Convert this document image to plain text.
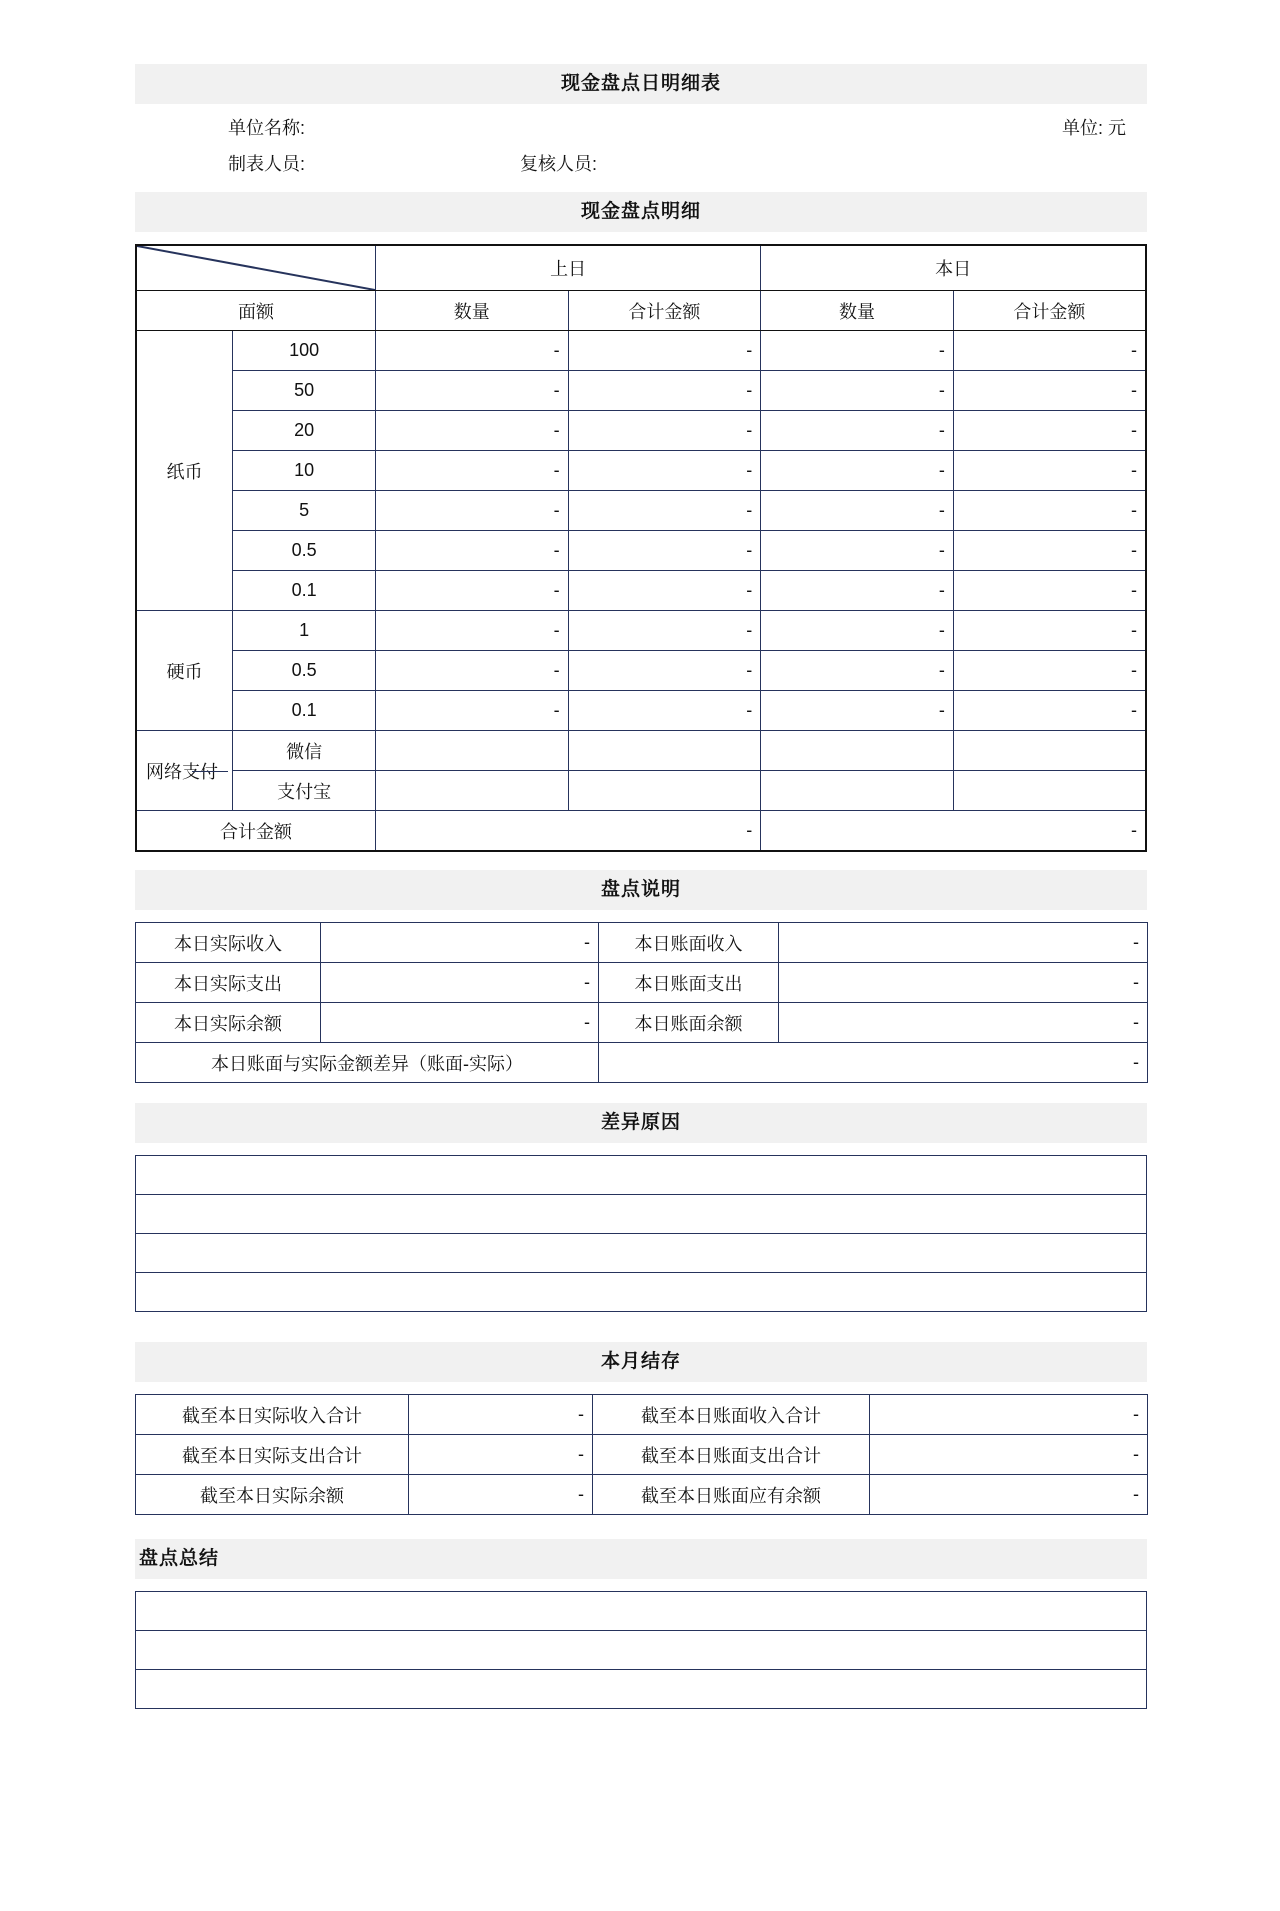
现金盘点日明细表
单位名称:	单位: 元
制表人员:	复核人员:
现金盘点明细
	上日		本日	
面额		数量	合计金额	数量	合计金额
纸币	100	-	-	-	-
	50	-	-	-	-
	20	-	-	-	-
	10	-	-	-	-
	5	-	-	-	-
	0.5	-	-	-	-
	0.1	-	-	-	-
硬币	1	-	-	-	-
	0.5	-	-	-	-
	0.1	-	-	-	-

网络支付	微信				
	支付宝				
合计金额		-		-	
盘点说明
本日实际收入	-	本日账面收入	-
本日实际支出	-	本日账面支出	-
本日实际余额	-	本日账面余额	-
本日账面与实际金额差异（账面-实际）		-	
差异原因

本月结存
截至本日实际收入合计	-	截至本日账面收入合计	-
截至本日实际支出合计	-	截至本日账面支出合计	-
截至本日实际余额	-	截至本日账面应有余额	-
盘点总结
